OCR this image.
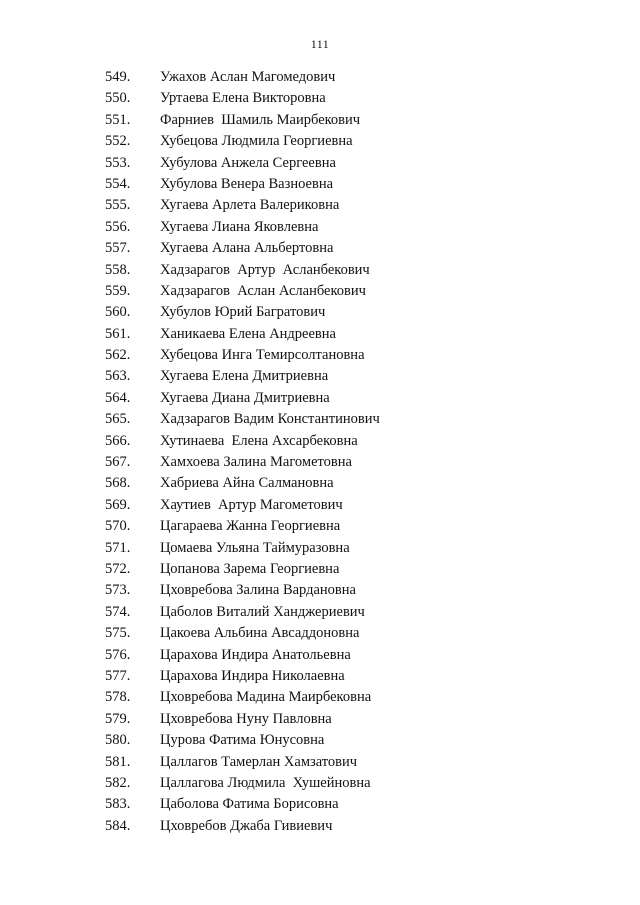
111
549. Ужахов Аслан Магомедович
550. Уртаева Елена Викторовна
551. Фарниев  Шамиль Маирбекович
552. Хубецова Людмила Георгиевна
553. Хубулова Анжела Сергеевна
554. Хубулова Венера Вазноевна
555. Хугаева Арлета Валериковна
556. Хугаева Лиана Яковлевна
557. Хугаева Алана Альбертовна
558. Хадзарагов  Артур  Асланбекович
559. Хадзарагов  Аслан Асланбекович
560. Хубулов Юрий Багратович
561. Ханикаева Елена Андреевна
562. Хубецова Инга Темирсолтановна
563. Хугаева Елена Дмитриевна
564. Хугаева Диана Дмитриевна
565. Хадзарагов Вадим Константинович
566. Хутинаева  Елена Ахсарбековна
567. Хамхоева Залина Магометовна
568. Хабриева Айна Салмановна
569. Хаутиев  Артур Магометович
570. Цагараева Жанна Георгиевна
571. Цомаева Ульяна Таймуразовна
572. Цопанова Зарема Георгиевна
573. Цховребова Залина Вардановна
574. Цаболов Виталий Ханджериевич
575. Цакоева Альбина Авсаддоновна
576. Царахова Индира Анатольевна
577. Царахова Индира Николаевна
578. Цховребова Мадина Маирбековна
579. Цховребова Нуну Павловна
580. Цурова Фатима Юнусовна
581. Цаллагов Тамерлан Хамзатович
582. Цаллагова Людмила  Хушейновна
583. Цаболова Фатима Борисовна
584. Цховребов Джаба Гивиевич
